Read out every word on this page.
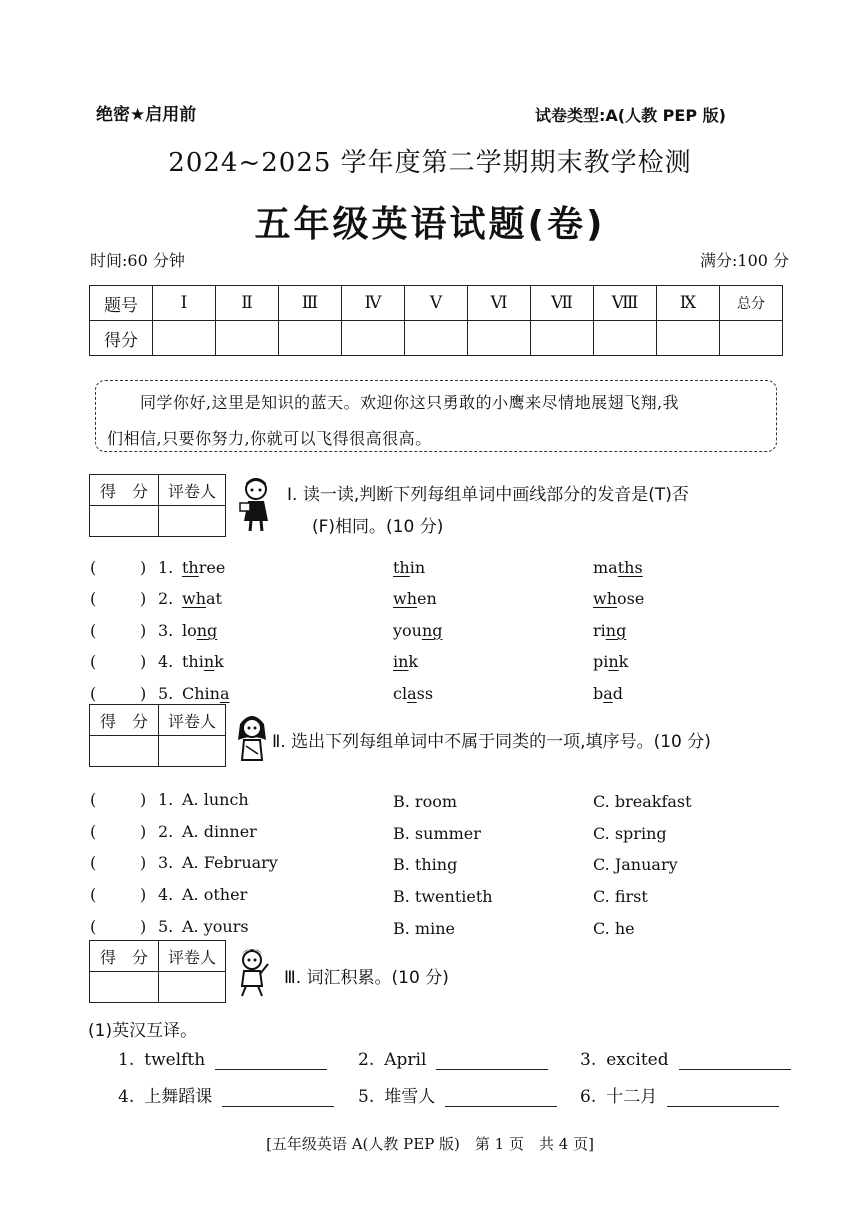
绝密★启用前	试卷类型:A(人教 PEP 版)
2024~2025 学年度第二学期期末教学检测
五年级英语试题(卷)
时间:60 分钟	满分:100 分
题号	Ⅰ	Ⅱ	Ⅲ	Ⅳ	Ⅴ	Ⅵ	Ⅶ	Ⅷ	Ⅸ	总分
得分										
同学你好,这里是知识的蓝天。欢迎你这只勇敢的小鹰来尽情地展翅飞翔,我
们相信,只要你努力,你就可以飞得很高很高。
得　分	评卷人
		Ⅰ. 读一读,判断下列每组单词中画线部分的发音是(T)否
(F)相同。(10 分)
(	) 1. three	thin	maths
(	) 2. what	when	whose
(	) 3. long	young	ring
(	) 4. think	ink	pink
(	) 5. China	class	bad
得　分	评卷人

Ⅱ. 选出下列每组单词中不属于同类的一项,填序号。(10 分)
(	) 1. A. lunch	B. room	C. breakfast
(	) 2. A. dinner	B. summer	C. spring
(	) 3. A. February	B. thing	C. January
(	) 4. A. other	B. twentieth	C. first
(	) 5. A. yours	B. mine	C. he
得　分	评卷人

Ⅲ. 词汇积累。(10 分)
(1)英汉互译。
1. twelfth	2. April	3. excited
4. 上舞蹈课	5. 堆雪人	6. 十二月
[五年级英语 A(人教 PEP 版)　第 1 页　共 4 页]
